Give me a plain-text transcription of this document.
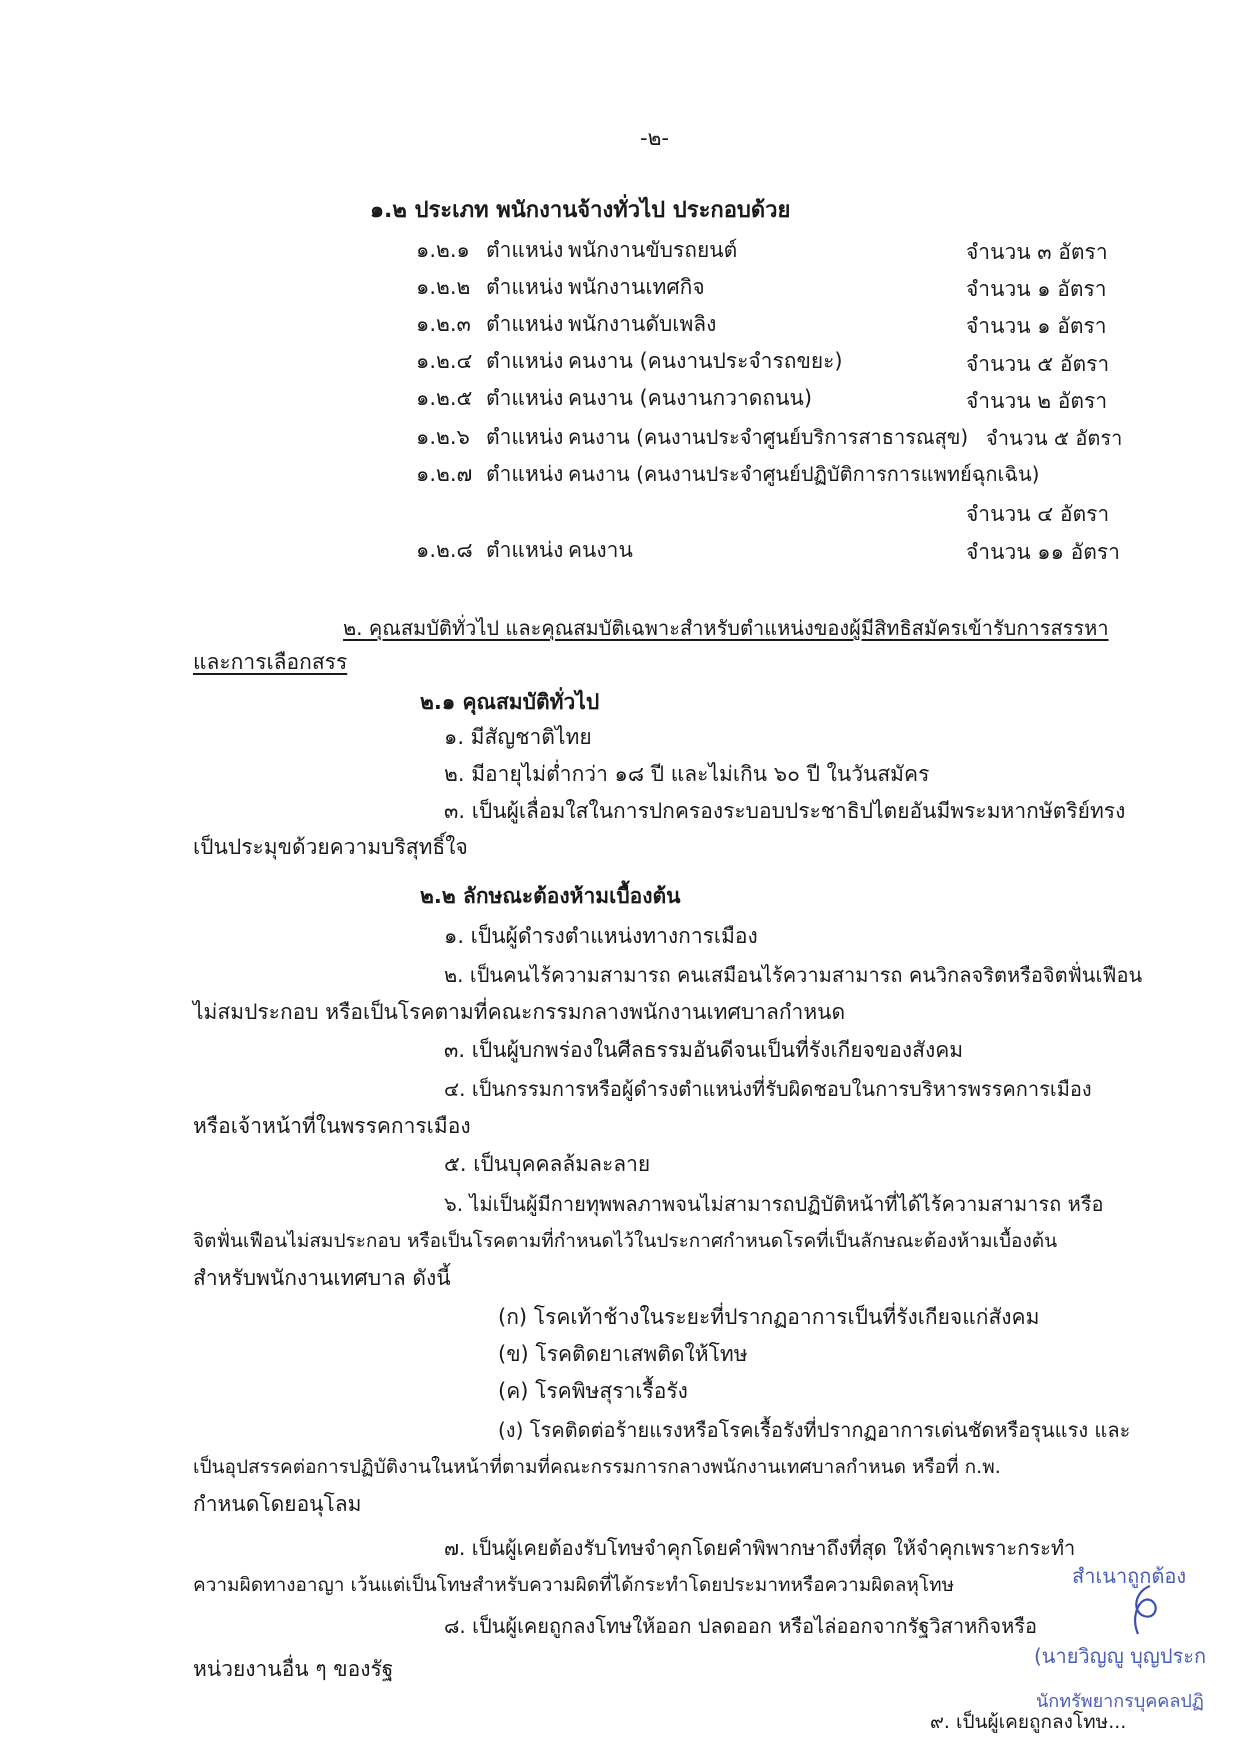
-๒-
๑.๒ ประเภท พนักงานจ้างทั่วไป ประกอบด้วย
๑.๒.๑ ตำแหน่ง พนักงานขับรถยนต์	จำนวน ๓ อัตรา
๑.๒.๒ ตำแหน่ง พนักงานเทศกิจ	จำนวน ๑ อัตรา
๑.๒.๓ ตำแหน่ง พนักงานดับเพลิง	จำนวน ๑ อัตรา
๑.๒.๔ ตำแหน่ง คนงาน (คนงานประจำรถขยะ)	จำนวน ๕ อัตรา
๑.๒.๕ ตำแหน่ง คนงาน (คนงานกวาดถนน)	จำนวน ๒ อัตรา
๑.๒.๖ ตำแหน่ง คนงาน (คนงานประจำศูนย์บริการสาธารณสุข) จำนวน ๕ อัตรา
๑.๒.๗ ตำแหน่ง คนงาน (คนงานประจำศูนย์ปฏิบัติการการแพทย์ฉุกเฉิน)
จำนวน ๔ อัตรา
๑.๒.๘ ตำแหน่ง คนงาน	จำนวน ๑๑ อัตรา
๒. คุณสมบัติทั่วไป และคุณสมบัติเฉพาะสำหรับตำแหน่งของผู้มีสิทธิสมัครเข้ารับการสรรหา
และการเลือกสรร
๒.๑ คุณสมบัติทั่วไป
๑. มีสัญชาติไทย
๒. มีอายุไม่ต่ำกว่า ๑๘ ปี และไม่เกิน ๖๐ ปี ในวันสมัคร
๓. เป็นผู้เลื่อมใสในการปกครองระบอบประชาธิปไตยอันมีพระมหากษัตริย์ทรง
เป็นประมุขด้วยความบริสุทธิ์ใจ
๒.๒ ลักษณะต้องห้ามเบื้องต้น
๑. เป็นผู้ดำรงตำแหน่งทางการเมือง
๒. เป็นคนไร้ความสามารถ คนเสมือนไร้ความสามารถ คนวิกลจริตหรือจิตฟั่นเฟือน
ไม่สมประกอบ หรือเป็นโรคตามที่คณะกรรมกลางพนักงานเทศบาลกำหนด
๓. เป็นผู้บกพร่องในศีลธรรมอันดีจนเป็นที่รังเกียจของสังคม
๔. เป็นกรรมการหรือผู้ดำรงตำแหน่งที่รับผิดชอบในการบริหารพรรคการเมือง
หรือเจ้าหน้าที่ในพรรคการเมือง
๕. เป็นบุคคลล้มละลาย
๖. ไม่เป็นผู้มีกายทุพพลภาพจนไม่สามารถปฏิบัติหน้าที่ได้ไร้ความสามารถ หรือ
จิตฟั่นเฟือนไม่สมประกอบ หรือเป็นโรคตามที่กำหนดไว้ในประกาศกำหนดโรคที่เป็นลักษณะต้องห้ามเบื้องต้น
สำหรับพนักงานเทศบาล ดังนี้
(ก) โรคเท้าช้างในระยะที่ปรากฏอาการเป็นที่รังเกียจแก่สังคม
(ข) โรคติดยาเสพติดให้โทษ
(ค) โรคพิษสุราเรื้อรัง
(ง) โรคติดต่อร้ายแรงหรือโรคเรื้อรังที่ปรากฏอาการเด่นชัดหรือรุนแรง และ
เป็นอุปสรรคต่อการปฏิบัติงานในหน้าที่ตามที่คณะกรรมการกลางพนักงานเทศบาลกำหนด หรือที่ ก.พ.
กำหนดโดยอนุโลม
๗. เป็นผู้เคยต้องรับโทษจำคุกโดยคำพิพากษาถึงที่สุด ให้จำคุกเพราะกระทำ
ความผิดทางอาญา เว้นแต่เป็นโทษสำหรับความผิดที่ได้กระทำโดยประมาทหรือความผิดลหุโทษ
๘. เป็นผู้เคยถูกลงโทษให้ออก ปลดออก หรือไล่ออกจากรัฐวิสาหกิจหรือ
หน่วยงานอื่น ๆ ของรัฐ
๙. เป็นผู้เคยถูกลงโทษ...
สำเนาถูกต้อง
(นายวิญญู บุญประก
นักทรัพยากรบุคคลปฏิ
